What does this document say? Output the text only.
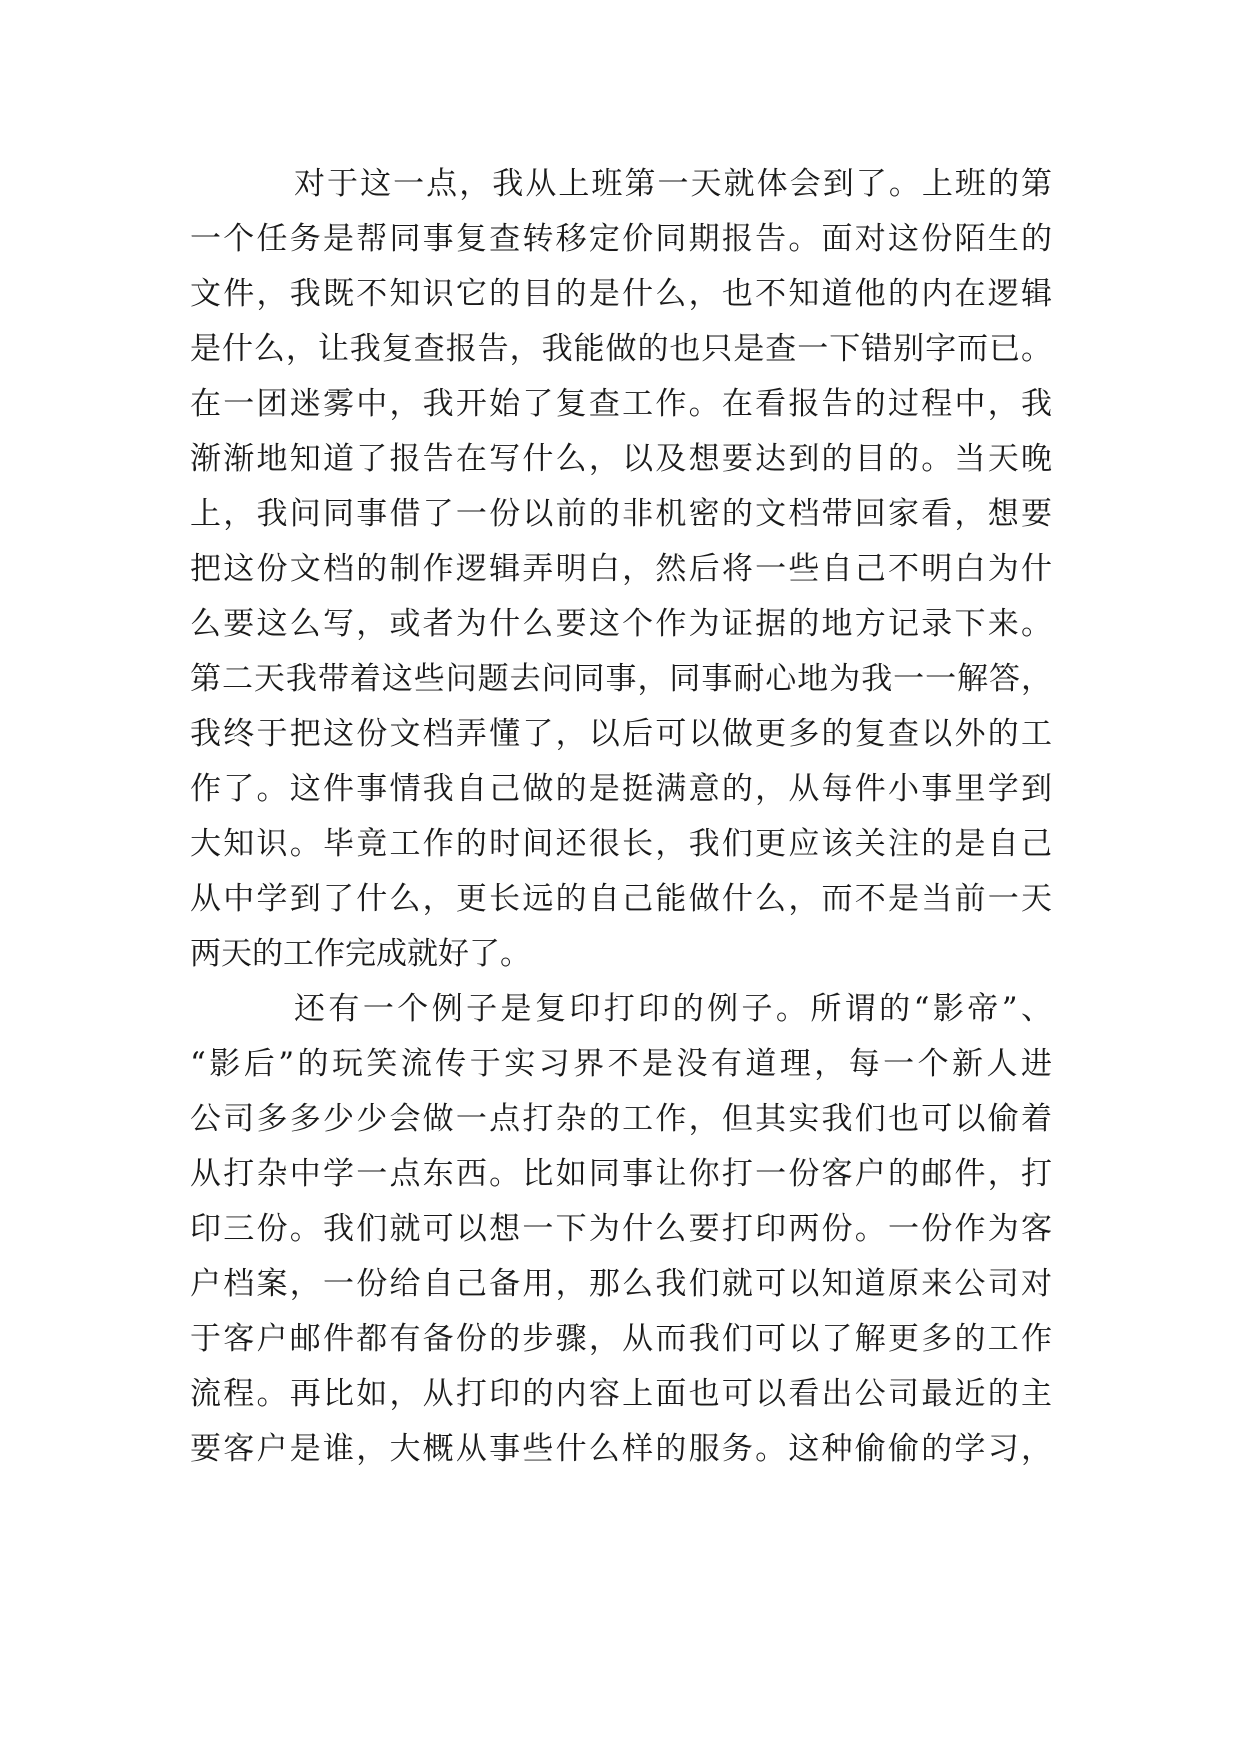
对于这一点，我从上班第一天就体会到了。上班的第
一个任务是帮同事复查转移定价同期报告。面对这份陌生的
文件，我既不知识它的目的是什么，也不知道他的内在逻辑
是什么，让我复查报告，我能做的也只是查一下错别字而已。
在一团迷雾中，我开始了复查工作。在看报告的过程中，我
渐渐地知道了报告在写什么，以及想要达到的目的。当天晚
上，我问同事借了一份以前的非机密的文档带回家看，想要
把这份文档的制作逻辑弄明白，然后将一些自己不明白为什
么要这么写，或者为什么要这个作为证据的地方记录下来。
第二天我带着这些问题去问同事，同事耐心地为我一一解答，
我终于把这份文档弄懂了，以后可以做更多的复查以外的工
作了。这件事情我自己做的是挺满意的，从每件小事里学到
大知识。毕竟工作的时间还很长，我们更应该关注的是自己
从中学到了什么，更长远的自己能做什么，而不是当前一天
两天的工作完成就好了。
还有一个例子是复印打印的例子。所谓的“影帝”、
“影后”的玩笑流传于实习界不是没有道理，每一个新人进
公司多多少少会做一点打杂的工作，但其实我们也可以偷着
从打杂中学一点东西。比如同事让你打一份客户的邮件，打
印三份。我们就可以想一下为什么要打印两份。一份作为客
户档案，一份给自己备用，那么我们就可以知道原来公司对
于客户邮件都有备份的步骤，从而我们可以了解更多的工作
流程。再比如，从打印的内容上面也可以看出公司最近的主
要客户是谁，大概从事些什么样的服务。这种偷偷的学习，
